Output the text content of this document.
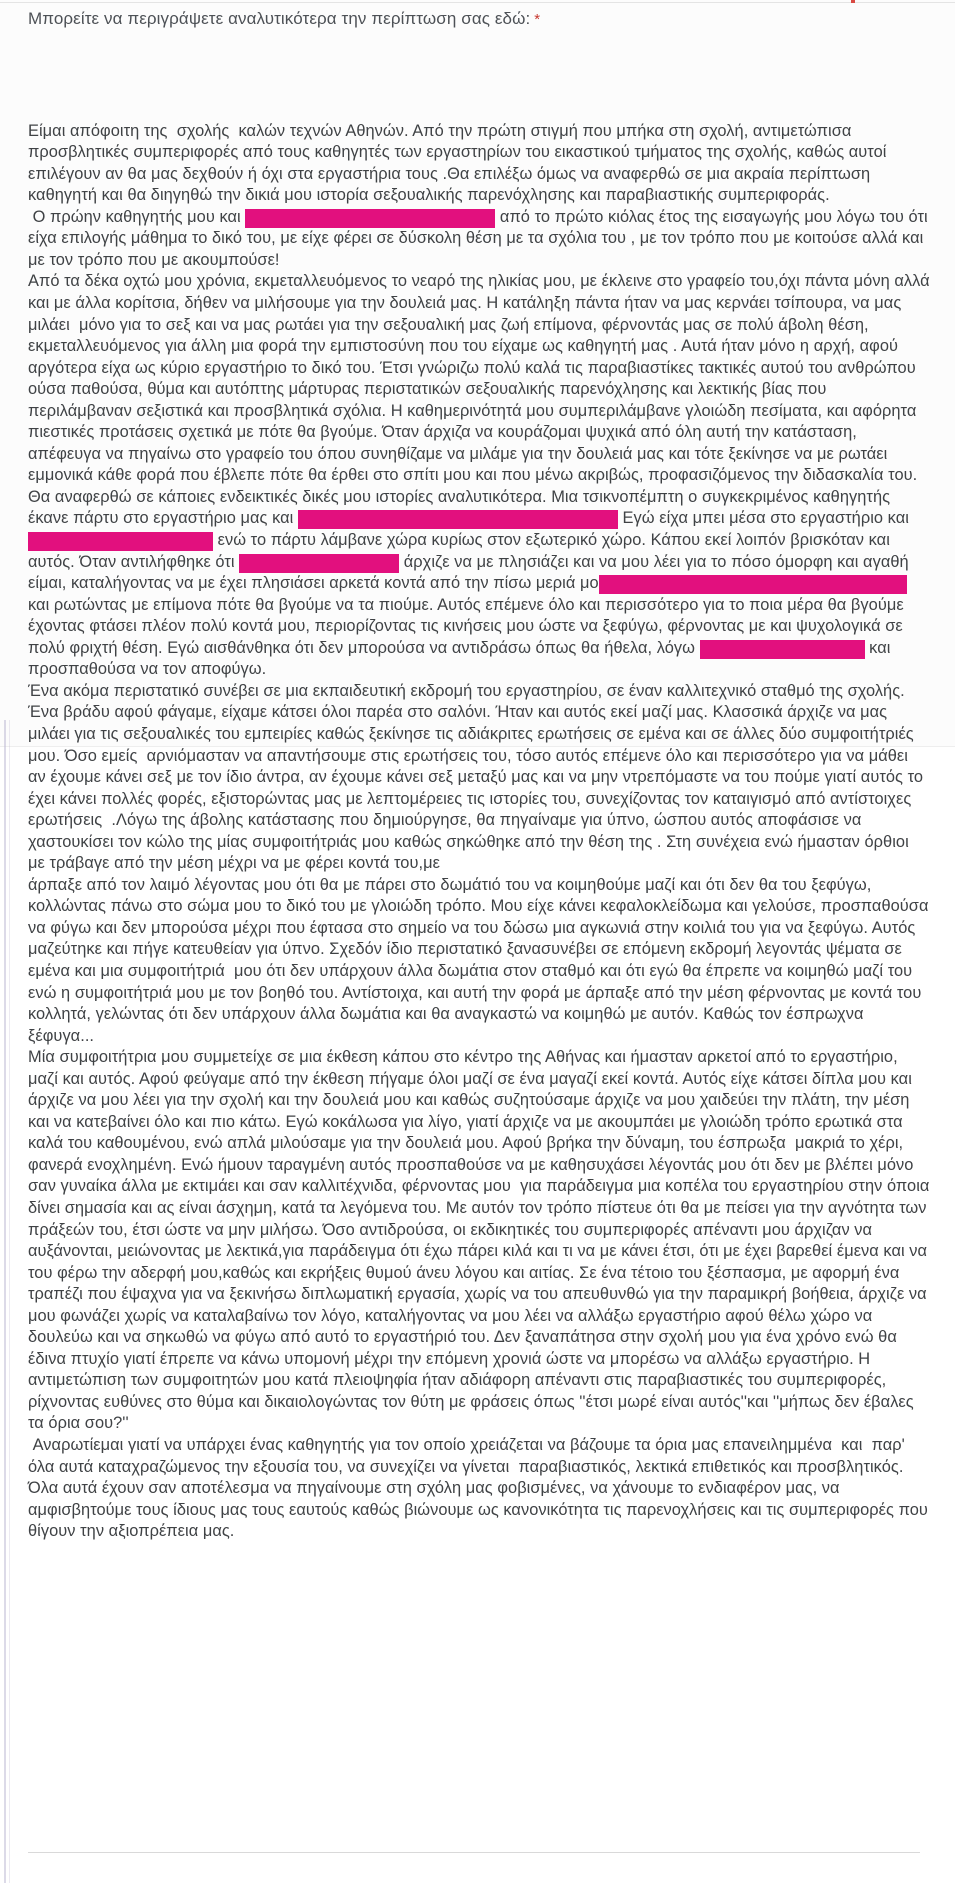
Μπορείτε να περιγράψετε αναλυτικότερα την περίπτωση σας εδώ: *

Είμαι απόφοιτη της  σχολής  καλών τεχνών Αθηνών. Από την πρώτη στιγμή που μπήκα στη σχολή, αντιμετώπισα προσβλητικές συμπεριφορές από τους καθηγητές των εργαστηρίων του εικαστικού τμήματος της σχολής, καθώς αυτοί επιλέγουν αν θα μας δεχθούν ή όχι στα εργαστήρια τους .Θα επιλέξω όμως να αναφερθώ σε μια ακραία περίπτωση καθηγητή και θα διηγηθώ την δικιά μου ιστορία σεξουαλικής παρενόχλησης και παραβιαστικής συμπεριφοράς.
Ο πρώην καθηγητής μου και	από το πρώτο κιόλας έτος της εισαγωγής μου λόγω του ότι είχα επιλογής μάθημα το δικό του, με είχε φέρει σε δύσκολη θέση με τα σχόλια του , με τον τρόπο που με κοιτούσε αλλά και με τον τρόπο που με ακουμπούσε!
Από τα δέκα οχτώ μου χρόνια, εκμεταλλευόμενος το νεαρό της ηλικίας μου, με έκλεινε στο γραφείο του,όχι πάντα μόνη αλλά και με άλλα κορίτσια, δήθεν να μιλήσουμε για την δουλειά μας. Η κατάληξη πάντα ήταν να μας κερνάει τσίπουρα, να μας μιλάει  μόνο για το σεξ και να μας ρωτάει για την σεξουαλική μας ζωή επίμονα, φέρνοντάς μας σε πολύ άβολη θέση, εκμεταλλευόμενος για άλλη μια φορά την εμπιστοσύνη που του είχαμε ως καθηγητή μας . Αυτά ήταν μόνο η αρχή, αφού αργότερα είχα ως κύριο εργαστήριο το δικό του. Έτσι γνώριζω πολύ καλά τις παραβιαστίκες τακτικές αυτού του ανθρώπου ούσα παθούσα, θύμα και αυτόπτης μάρτυρας περιστατικών σεξουαλικής παρενόχλησης και λεκτικής βίας που περιλάμβαναν σεξιστικά και προσβλητικά σχόλια. Η καθημερινότητά μου συμπεριλάμβανε γλοιώδη πεσίματα, και αφόρητα πιεστικές προτάσεις σχετικά με πότε θα βγούμε. Όταν άρχιζα να κουράζομαι ψυχικά από όλη αυτή την κατάσταση, απέφευγα να πηγαίνω στο γραφείο του όπου συνηθίζαμε να μιλάμε για την δουλειά μας και τότε ξεκίνησε να με ρωτάει εμμονικά κάθε φορά που έβλεπε πότε θα έρθει στο σπίτι μου και που μένω ακριβώς, προφασιζόμενος την διδασκαλία του.
Θα αναφερθώ σε κάποιες ενδεικτικές δικές μου ιστορίες αναλυτικότερα. Μια τσικνοπέμπτη ο συγκεκριμένος καθηγητής έκανε πάρτυ στο εργαστήριο μας και	Εγώ είχα μπει μέσα στο εργαστήριο και  ενώ το πάρτυ λάμβανε χώρα κυρίως στον εξωτερικό χώρο. Κάπου εκεί λοιπόν βρισκόταν και αυτός. Όταν αντιλήφθηκε ότι	άρχιζε να με πλησιάζει και να μου λέει για το πόσο όμορφη και αγαθή είμαι, καταλήγοντας να με έχει πλησιάσει αρκετά κοντά από την πίσω μεριά μο	και ρωτώντας με επίμονα πότε θα βγούμε να τα πιούμε. Αυτός επέμενε όλο και περισσότερο για το ποια μέρα θα βγούμε έχοντας φτάσει πλέον πολύ κοντά μου, περιορίζοντας τις κινήσεις μου ώστε να ξεφύγω, φέρνοντας με και ψυχολογικά σε πολύ φριχτή θέση. Εγώ αισθάνθηκα ότι δεν μπορούσα να αντιδράσω όπως θα ήθελα, λόγω	και προσπαθούσα να τον αποφύγω.
Ένα ακόμα περιστατικό συνέβει σε μια εκπαιδευτική εκδρομή του εργαστηρίου, σε έναν καλλιτεχνικό σταθμό της σχολής. Ένα βράδυ αφού φάγαμε, είχαμε κάτσει όλοι παρέα στο σαλόνι. Ήταν και αυτός εκεί μαζί μας. Κλασσικά άρχιζε να μας μιλάει για τις σεξουαλικές του εμπειρίες καθώς ξεκίνησε τις αδιάκριτες ερωτήσεις σε εμένα και σε άλλες δύο συμφοιτήτριές μου. Όσο εμείς  αρνιόμασταν να απαντήσουμε στις ερωτήσεις του, τόσο αυτός επέμενε όλο και περισσότερο για να μάθει αν έχουμε κάνει σεξ με τον ίδιο άντρα, αν έχουμε κάνει σεξ μεταξύ μας και να μην ντρεπόμαστε να του πούμε γιατί αυτός το έχει κάνει πολλές φορές, εξιστορώντας μας με λεπτομέρειες τις ιστορίες του, συνεχίζοντας τον καταιγισμό από αντίστοιχες ερωτήσεις  .Λόγω της άβολης κατάστασης που δημιούργησε, θα πηγαίναμε για ύπνο, ώσπου αυτός αποφάσισε να χαστουκίσει τον κώλο της μίας συμφοιτήτριάς μου καθώς σηκώθηκε από την θέση της . Στη συνέχεια ενώ ήμασταν όρθιοι με τράβαγε από την μέση μέχρι να με φέρει κοντά του,με
άρπαξε από τον λαιμό λέγοντας μου ότι θα με πάρει στο δωμάτιό του να κοιμηθούμε μαζί και ότι δεν θα του ξεφύγω, κολλώντας πάνω στο σώμα μου το δικό του με γλοιώδη τρόπο. Μου είχε κάνει κεφαλοκλείδωμα και γελούσε, προσπαθούσα να φύγω και δεν μπορούσα μέχρι που έφτασα στο σημείο να του δώσω μια αγκωνιά στην κοιλιά του για να ξεφύγω. Αυτός μαζεύτηκε και πήγε κατευθείαν για ύπνο. Σχεδόν ίδιο περιστατικό ξανασυνέβει σε επόμενη εκδρομή λεγοντάς ψέματα σε εμένα και μια συμφοιτήτριά  μου ότι δεν υπάρχουν άλλα δωμάτια στον σταθμό και ότι εγώ θα έπρεπε να κοιμηθώ μαζί του ενώ η συμφοιτήτριά μου με τον βοηθό του. Αντίστοιχα, και αυτή την φορά με άρπαξε από την μέση φέρνοντας με κοντά του  κολλητά, γελώντας ότι δεν υπάρχουν άλλα δωμάτια και θα αναγκαστώ να κοιμηθώ με αυτόν. Καθώς τον έσπρωχνα ξέφυγα...
Μία συμφοιτήτρια μου συμμετείχε σε μια έκθεση κάπου στο κέντρο της Αθήνας και ήμασταν αρκετοί από το εργαστήριο, μαζί και αυτός. Αφού φεύγαμε από την έκθεση πήγαμε όλοι μαζί σε ένα μαγαζί εκεί κοντά. Αυτός είχε κάτσει δίπλα μου και άρχιζε να μου λέει για την σχολή και την δουλειά μου και καθώς συζητούσαμε άρχιζε να μου χαιδεύει την πλάτη, την μέση και να κατεβαίνει όλο και πιο κάτω. Εγώ κοκάλωσα για λίγο, γιατί άρχιζε να με ακουμπάει με γλοιώδη τρόπο ερωτικά στα καλά του καθουμένου, ενώ απλά μιλούσαμε για την δουλειά μου. Αφού βρήκα την δύναμη, του έσπρωξα  μακριά το χέρι, φανερά ενοχλημένη. Ενώ ήμουν ταραγμένη αυτός προσπαθούσε να με καθησυχάσει λέγοντάς μου ότι δεν με βλέπει μόνο σαν γυναίκα άλλα με εκτιμάει και σαν καλλιτέχνιδα, φέρνοντας μου  για παράδειγμα μια κοπέλα του εργαστηρίου στην όποια δίνει σημασία και ας είναι άσχημη, κατά τα λεγόμενα του. Με αυτόν τον τρόπο πίστευε ότι θα με πείσει για την αγνότητα των πράξεών του, έτσι ώστε να μην μιλήσω. Όσο αντιδρούσα, οι εκδικητικές του συμπεριφορές απέναντι μου άρχιζαν να αυξάνονται, μειώνοντας με λεκτικά,για παράδειγμα ότι έχω πάρει κιλά και τι να με κάνει έτσι, ότι με έχει βαρεθεί έμενα και να του φέρω την αδερφή μου,καθώς και εκρήξεις θυμού άνευ λόγου και αιτίας. Σε ένα τέτοιο του ξέσπασμα, με αφορμή ένα τραπέζι που έψαχνα για να ξεκινήσω διπλωματική εργασία, χωρίς να του απευθυνθώ για την παραμικρή βοήθεια, άρχιζε να μου φωνάζει χωρίς να καταλαβαίνω τον λόγο, καταλήγοντας να μου λέει να αλλάξω εργαστήριο αφού θέλω χώρο να δουλεύω και να σηκωθώ να φύγω από αυτό το εργαστήριό του. Δεν ξαναπάτησα στην σχολή μου για ένα χρόνο ενώ θα έδινα πτυχίο γιατί έπρεπε να κάνω υπομονή μέχρι την επόμενη χρονιά ώστε να μπορέσω να αλλάξω εργαστήριο. Η αντιμετώπιση των συμφοιτητών μου κατά πλειοψηφία ήταν αδιάφορη απέναντι στις παραβιαστικές του συμπεριφορές, ρίχνοντας ευθύνες στο θύμα και δικαιολογώντας τον θύτη με φράσεις όπως ''έτσι μωρέ είναι αυτός''και ''μήπως δεν έβαλες τα όρια σου?''
Αναρωτίεμαι γιατί να υπάρχει ένας καθηγητής για τον οποίο χρειάζεται να βάζουμε τα όρια μας επανειλημμένα  και  παρ' όλα αυτά καταχραζώμενος την εξουσία του, να συνεχίζει να γίνεται  παραβιαστικός, λεκτικά επιθετικός και προσβλητικός. Όλα αυτά έχουν σαν αποτέλεσμα να πηγαίνουμε στη σχόλη μας φοβισμένες, να χάνουμε το ενδιαφέρον μας, να αμφισβητούμε τους ίδιους μας τους εαυτούς καθώς βιώνουμε ως κανονικότητα τις παρενοχλήσεις και τις συμπεριφορές που θίγουν την αξιοπρέπεια μας.
